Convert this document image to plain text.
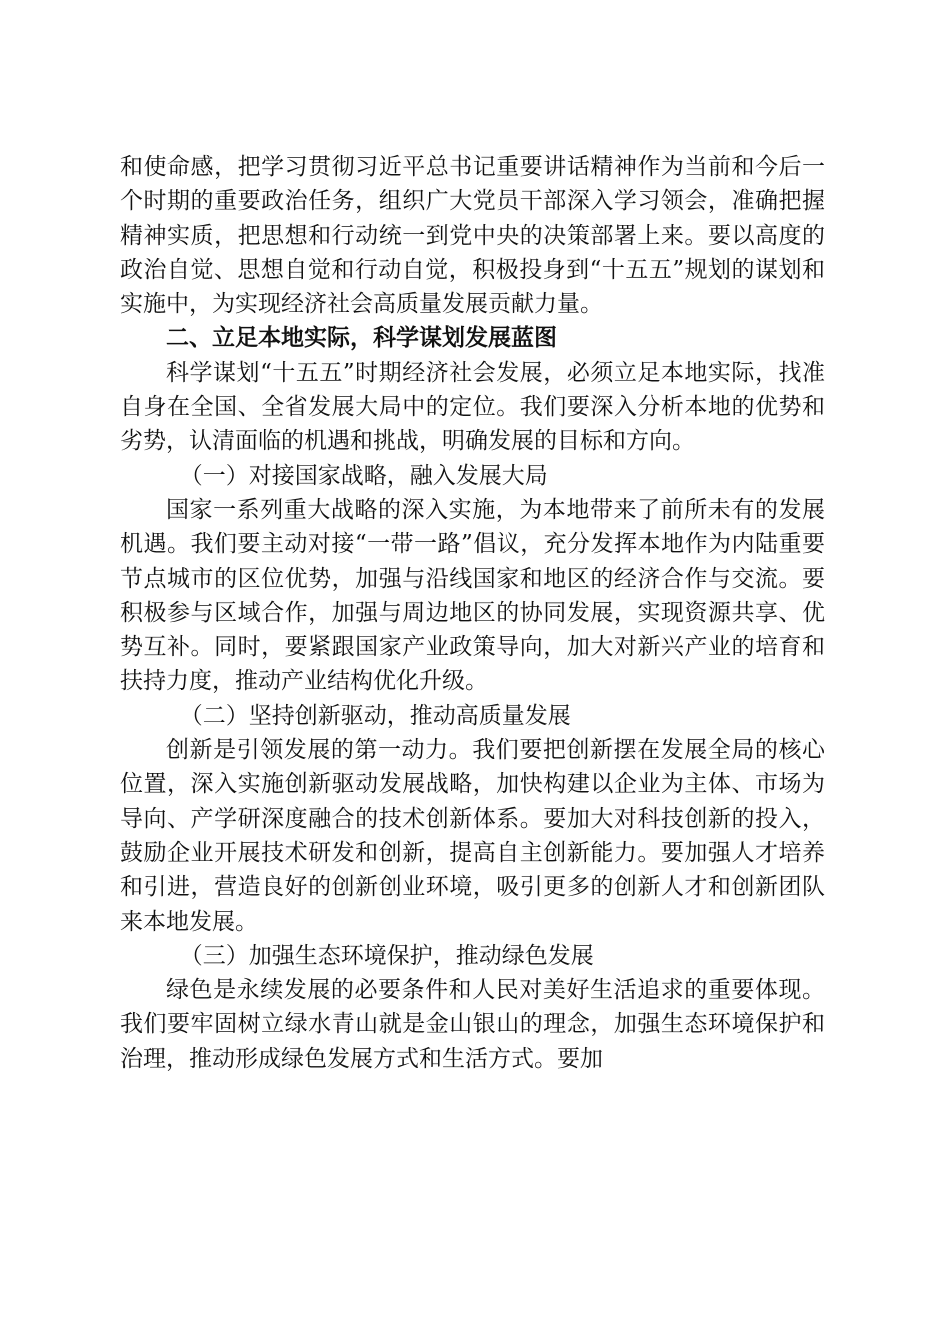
和使命感，把学习贯彻习近平总书记重要讲话精神作为当前和今后一个时期的重要政治任务，组织广大党员干部深入学习领会，准确把握精神实质，把思想和行动统一到党中央的决策部署上来。要以高度的政治自觉、思想自觉和行动自觉，积极投身到“十五五”规划的谋划和实施中，为实现经济社会高质量发展贡献力量。

二、立足本地实际，科学谋划发展蓝图

科学谋划“十五五”时期经济社会发展，必须立足本地实际，找准自身在全国、全省发展大局中的定位。我们要深入分析本地的优势和劣势，认清面临的机遇和挑战，明确发展的目标和方向。

（一）对接国家战略，融入发展大局

国家一系列重大战略的深入实施，为本地带来了前所未有的发展机遇。我们要主动对接“一带一路”倡议，充分发挥本地作为内陆重要节点城市的区位优势，加强与沿线国家和地区的经济合作与交流。要积极参与区域合作，加强与周边地区的协同发展，实现资源共享、优势互补。同时，要紧跟国家产业政策导向，加大对新兴产业的培育和扶持力度，推动产业结构优化升级。

（二）坚持创新驱动，推动高质量发展

创新是引领发展的第一动力。我们要把创新摆在发展全局的核心位置，深入实施创新驱动发展战略，加快构建以企业为主体、市场为导向、产学研深度融合的技术创新体系。要加大对科技创新的投入，鼓励企业开展技术研发和创新，提高自主创新能力。要加强人才培养和引进，营造良好的创新创业环境，吸引更多的创新人才和创新团队来本地发展。

（三）加强生态环境保护，推动绿色发展

绿色是永续发展的必要条件和人民对美好生活追求的重要体现。我们要牢固树立绿水青山就是金山银山的理念，加强生态环境保护和治理，推动形成绿色发展方式和生活方式。要加
